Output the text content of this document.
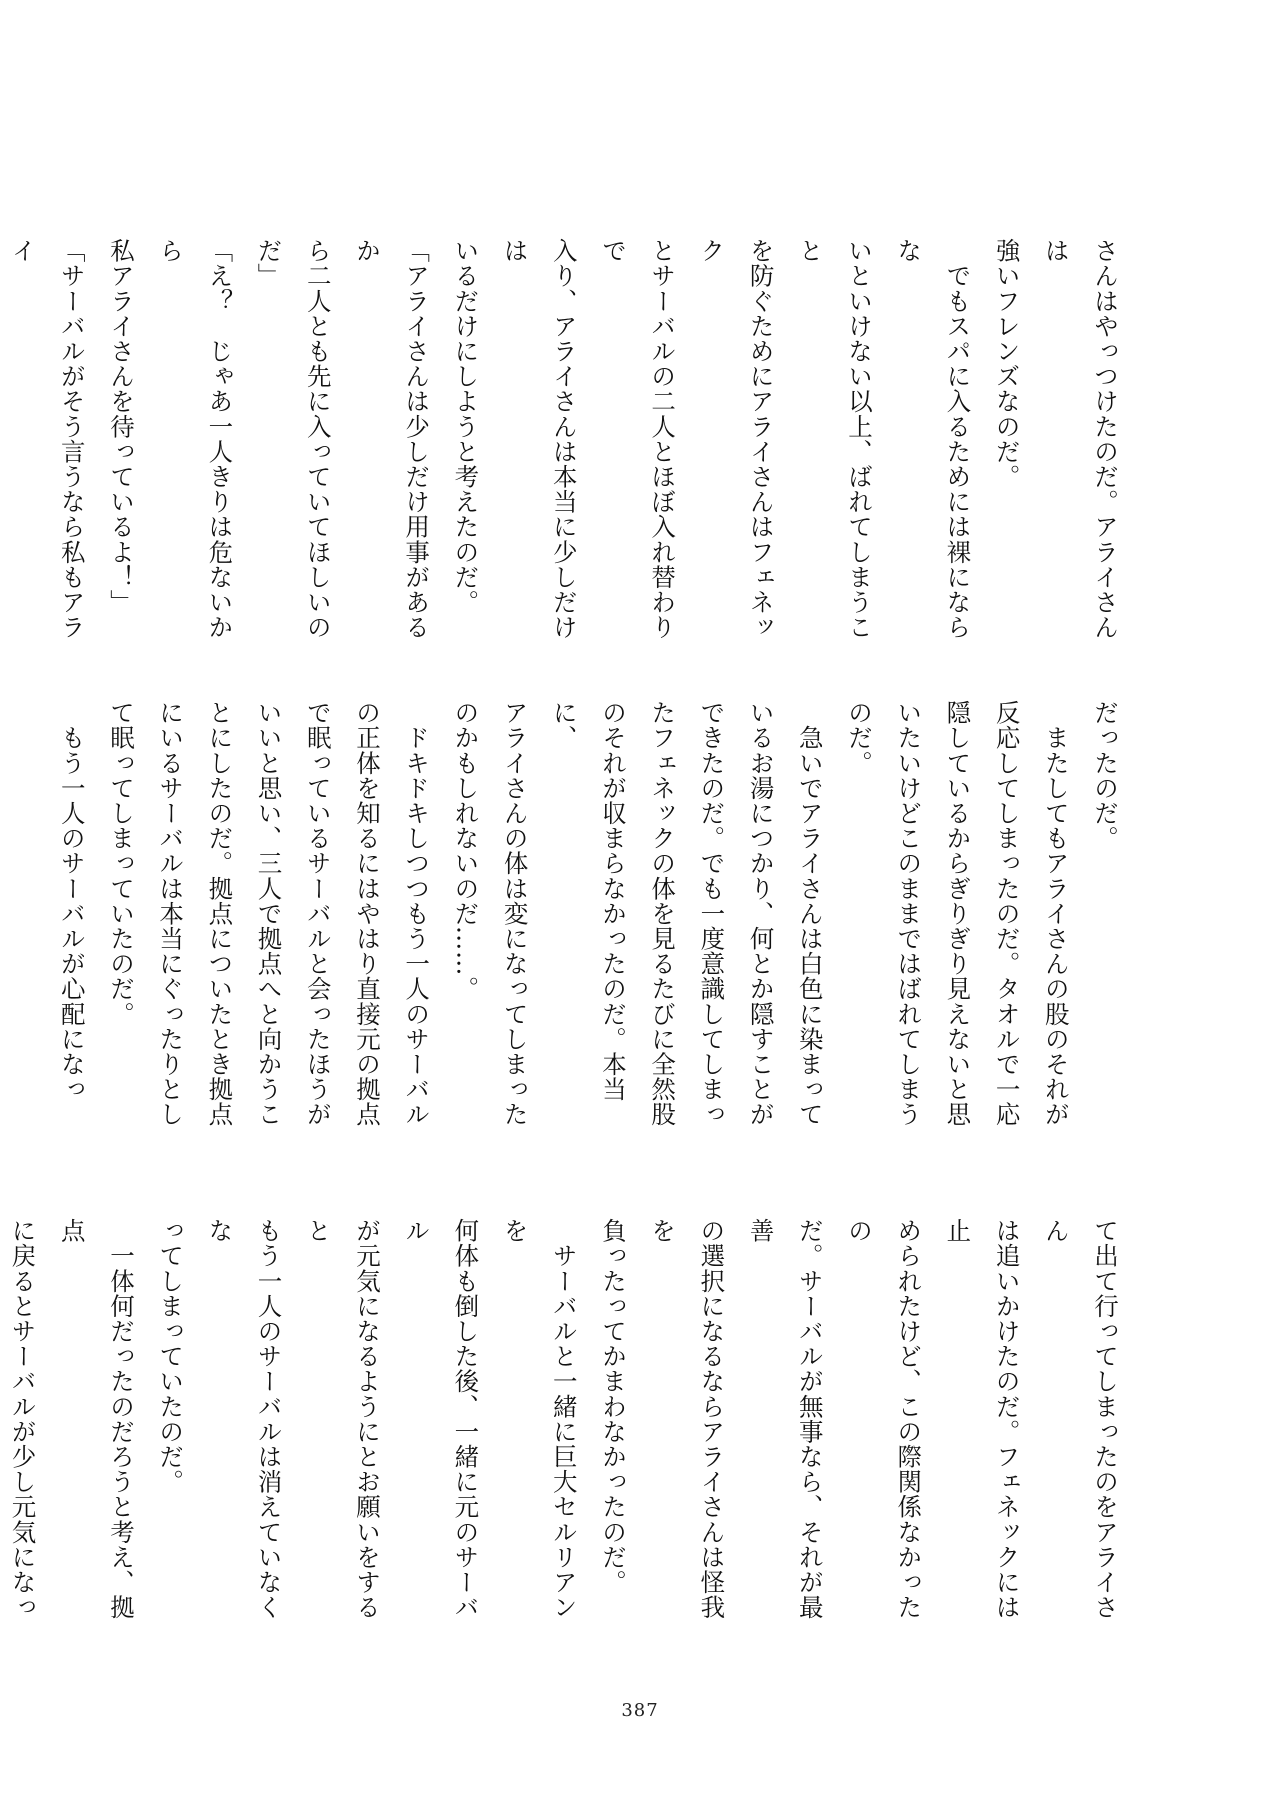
さんはやっつけたのだ。アライさんは

強いフレンズなのだ。

　でもスパに入るためには裸にならな

いといけない以上、ばれてしまうこと

を防ぐためにアライさんはフェネック

とサーバルの二人とほぼ入れ替わりで

入り、アライさんは本当に少しだけは

いるだけにしようと考えたのだ。

「アライさんは少しだけ用事があるか

ら二人とも先に入っていてほしいのだ」

「え？　じゃあ一人きりは危ないから

私アライさんを待っているよ！」

「サーバルがそう言うなら私もアライ

だったのだ。

　またしてもアライさんの股のそれが

反応してしまったのだ。タオルで一応

隠しているからぎりぎり見えないと思

いたいけどこのままではばれてしまう

のだ。

　急いでアライさんは白色に染まって

いるお湯につかり、何とか隠すことが

できたのだ。でも一度意識してしまっ

たフェネックの体を見るたびに全然股

のそれが収まらなかったのだ。本当に、

アライさんの体は変になってしまった

のかもしれないのだ……。

　ドキドキしつつもう一人のサーバル

の正体を知るにはやはり直接元の拠点

で眠っているサーバルと会ったほうが

いいと思い、三人で拠点へと向かうこ

とにしたのだ。拠点についたとき拠点

にいるサーバルは本当にぐったりとし

て眠ってしまっていたのだ。

　もう一人のサーバルが心配になっ

て出て行ってしまったのをアライさん

は追いかけたのだ。フェネックには止

められたけど、この際関係なかったの

だ。サーバルが無事なら、それが最善

の選択になるならアライさんは怪我を

負ったってかまわなかったのだ。

　サーバルと一緒に巨大セルリアンを

何体も倒した後、一緒に元のサーバル

が元気になるようにとお願いをすると

もう一人のサーバルは消えていなくな

ってしまっていたのだ。

　一体何だったのだろうと考え、拠点

に戻るとサーバルが少し元気になっ

387
